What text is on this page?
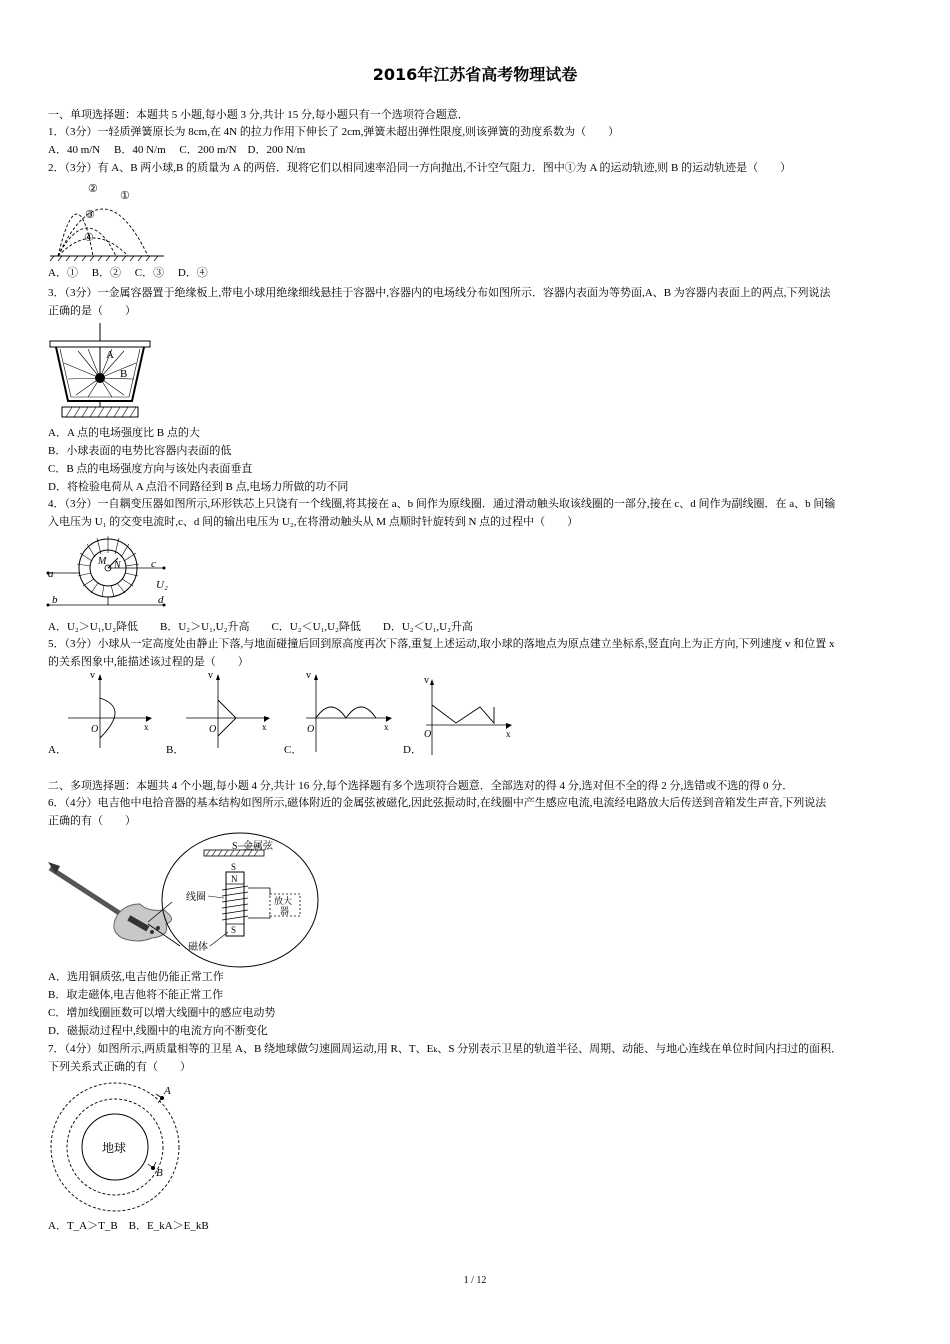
2016年江苏省高考物理试卷
一、单项选择题：本题共 5 小题,每小题 3 分,共计 15 分,每小题只有一个选项符合题意．
1．（3分）一轻质弹簧原长为 8cm,在 4N 的拉力作用下伸长了 2cm,弹簧未超出弹性限度,则该弹簧的劲度系数为（　　）
A．40 m/N　 B．40 N/m　 C．200 m/N　D．200 N/m
2．（3分）有 A、B 两小球,B 的质量为 A 的两倍．现将它们以相同速率沿同一方向抛出,不计空气阻力．图中①为 A 的运动轨迹,则 B 的运动轨迹是（　　）
①
②
③
④
A．①　 B．②　 C．③　 D．④
3．（3分）一金属容器置于绝缘板上,带电小球用绝缘细线悬挂于容器中,容器内的电场线分布如图所示．容器内表面为等势面,A、B 为容器内表面上的两点,下列说法
正确的是（　　）
A
B
A．A 点的电场强度比 B 点的大
B．小球表面的电势比容器内表面的低
C．B 点的电场强度方向与该处内表面垂直
D．将检验电荷从 A 点沿不同路径到 B 点,电场力所做的功不同
4．（3分）一自耦变压器如图所示,环形铁芯上只饶有一个线圈,将其接在 a、b 间作为原线圈．通过滑动触头取该线圈的一部分,接在 c、d 间作为副线圈．在 a、b 间输
入电压为 U₁ 的交变电流时,c、d 间的输出电压为 U₂,在将滑动触头从 M 点顺时针旋转到 N 点的过程中（　　）
a
b
c
d
M N
U₂
A．U₂＞U₁,U₂降低　　B．U₂＞U₁,U₂升高　　C．U₂＜U₁,U₂降低　　D．U₂＜U₁,U₂升高
5．（3分）小球从一定高度处由静止下落,与地面碰撞后回到原高度再次下落,重复上述运动,取小球的落地点为原点建立坐标系,竖直向上为正方向,下列速度 v 和位置 x
的关系图象中,能描述该过程的是（　　）
v
x
O
v
x
O
v
x
O
v
x
O
A．	B．	C．	D．
二、多项选择题：本题共 4 个小题,每小题 4 分,共计 16 分,每个选择题有多个选项符合题意．全部选对的得 4 分,选对但不全的得 2 分,选错或不选的得 0 分．
6．（4分）电吉他中电拾音器的基本结构如图所示,磁体附近的金属弦被磁化,因此弦振动时,在线圈中产生感应电流,电流经电路放大后传送到音箱发生声音,下列说法
正确的有（　　）
S 金属弦
S
N
S
放大
器
线圈
磁体
A．选用铜质弦,电吉他仍能正常工作
B．取走磁体,电吉他将不能正常工作
C．增加线圈匝数可以增大线圈中的感应电动势
D．磁振动过程中,线圈中的电流方向不断变化
7．（4分）如图所示,两质量相等的卫星 A、B 绕地球做匀速圆周运动,用 R、T、Eₖ、S 分别表示卫星的轨道半径、周期、动能、与地心连线在单位时间内扫过的面积．
下列关系式正确的有（　　）
地球
A
B
A．T_A＞T_B　B．E_kA＞E_kB
1 / 12
